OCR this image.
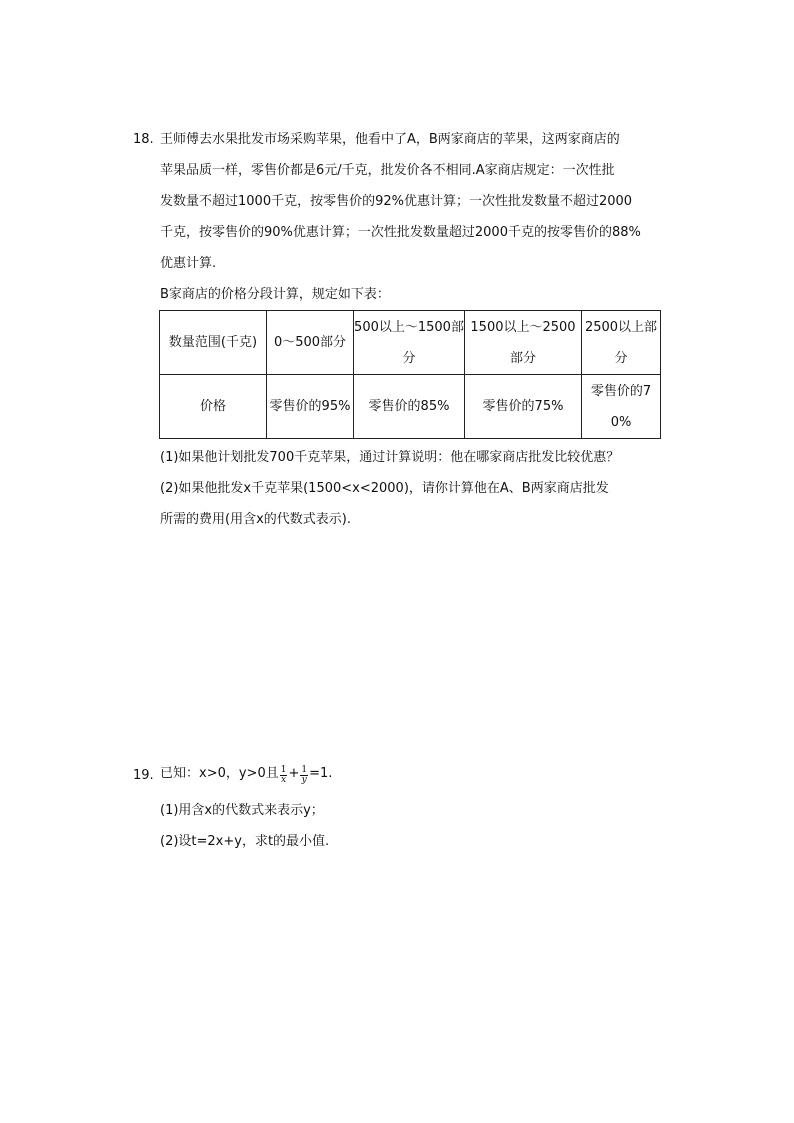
18. 王师傅去水果批发市场采购苹果，他看中了A，B两家商店的苹果，这两家商店的
苹果品质一样，零售价都是6元/千克，批发价各不相同.A家商店规定：一次性批
发数量不超过1000千克，按零售价的92%优惠计算；一次性批发数量不超过2000
千克，按零售价的90%优惠计算；一次性批发数量超过2000千克的按零售价的88%
优惠计算.
B家商店的价格分段计算，规定如下表：
数量范围(千克)	0～500部分	500以上～1500部分	1500以上～2500部分	2500以上部分
价格	零售价的95%	零售价的85%	零售价的75%	零售价的70%
(1)如果他计划批发700千克苹果，通过计算说明：他在哪家商店批发比较优惠？
(2)如果他批发x千克苹果(1500<x<2000)，请你计算他在A、B两家商店批发
所需的费用(用含x的代数式表示).
19. 已知：x>0，y>0且 $\frac{1}{x} + \frac{1}{y} =1$.
(1)用含x的代数式来表示y；
(2)设t=2x+y，求t的最小值.
